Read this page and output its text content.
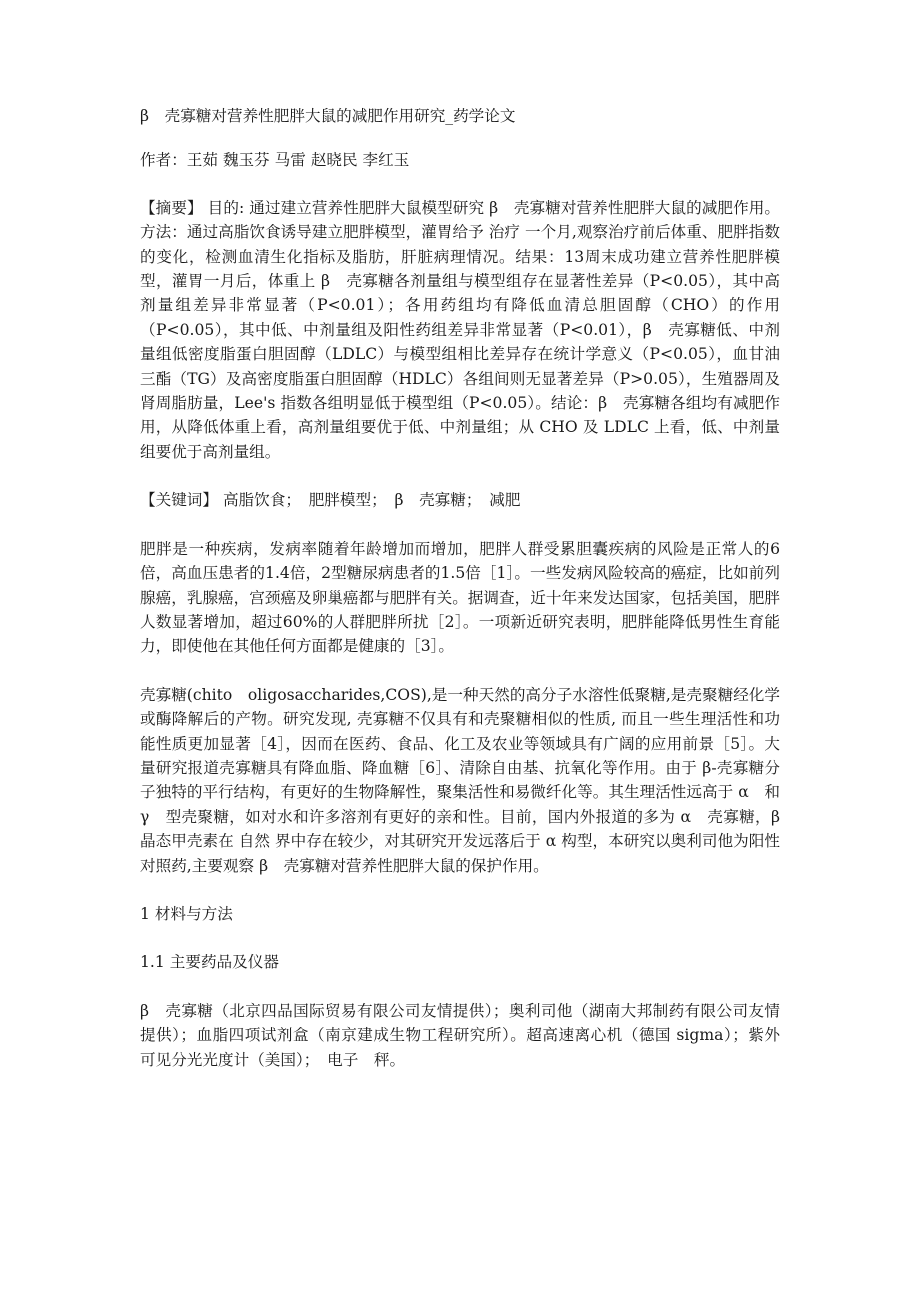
β　壳寡糖对营养性肥胖大鼠的减肥作用研究_药学论文
作者：王茹 魏玉芬 马雷 赵晓民 李红玉
【摘要】 目的: 通过建立营养性肥胖大鼠模型研究 β　壳寡糖对营养性肥胖大鼠的减肥作用。方法：通过高脂饮食诱导建立肥胖模型，灌胃给予 治疗 一个月,观察治疗前后体重、肥胖指数的变化，检测血清生化指标及脂肪，肝脏病理情况。结果：13周末成功建立营养性肥胖模型，灌胃一月后，体重上 β　壳寡糖各剂量组与模型组存在显著性差异（P<0.05），其中高剂量组差异非常显著（P<0.01）；各用药组均有降低血清总胆固醇（CHO）的作用（P<0.05），其中低、中剂量组及阳性药组差异非常显著（P<0.01），β　壳寡糖低、中剂量组低密度脂蛋白胆固醇（LDLC）与模型组相比差异存在统计学意义（P<0.05），血甘油三酯（TG）及高密度脂蛋白胆固醇（HDLC）各组间则无显著差异（P>0.05），生殖器周及肾周脂肪量，Lee's 指数各组明显低于模型组（P<0.05）。结论：β　壳寡糖各组均有减肥作用，从降低体重上看，高剂量组要优于低、中剂量组；从 CHO 及 LDLC 上看，低、中剂量组要优于高剂量组。
【关键词】 高脂饮食；　肥胖模型；　β　壳寡糖；　减肥
肥胖是一种疾病，发病率随着年龄增加而增加，肥胖人群受累胆囊疾病的风险是正常人的6倍，高血压患者的1.4倍，2型糖尿病患者的1.5倍［1］。一些发病风险较高的癌症，比如前列腺癌，乳腺癌，宫颈癌及卵巢癌都与肥胖有关。据调查，近十年来发达国家，包括美国，肥胖人数显著增加，超过60%的人群肥胖所扰［2］。一项新近研究表明，肥胖能降低男性生育能力，即使他在其他任何方面都是健康的［3］。
壳寡糖(chito　oligosaccharides,COS),是一种天然的高分子水溶性低聚糖,是壳聚糖经化学或酶降解后的产物。研究发现, 壳寡糖不仅具有和壳聚糖相似的性质, 而且一些生理活性和功能性质更加显著［4］，因而在医药、食品、化工及农业等领域具有广阔的应用前景［5］。大量研究报道壳寡糖具有降血脂、降血糖［6］、清除自由基、抗氧化等作用。由于 β-壳寡糖分子独特的平行结构，有更好的生物降解性，聚集活性和易微纤化等。其生理活性远高于 α　和 γ　型壳聚糖，如对水和许多溶剂有更好的亲和性。目前，国内外报道的多为 α　壳寡糖，β　晶态甲壳素在 自然 界中存在较少，对其研究开发远落后于 α 构型，本研究以奥利司他为阳性对照药,主要观察 β　壳寡糖对营养性肥胖大鼠的保护作用。
1 材料与方法
1.1 主要药品及仪器
β　壳寡糖（北京四品国际贸易有限公司友情提供）；奥利司他（湖南大邦制药有限公司友情提供）；血脂四项试剂盒（南京建成生物工程研究所）。超高速离心机（德国 sigma）；紫外　可见分光光度计（美国）；　电子　秤。
